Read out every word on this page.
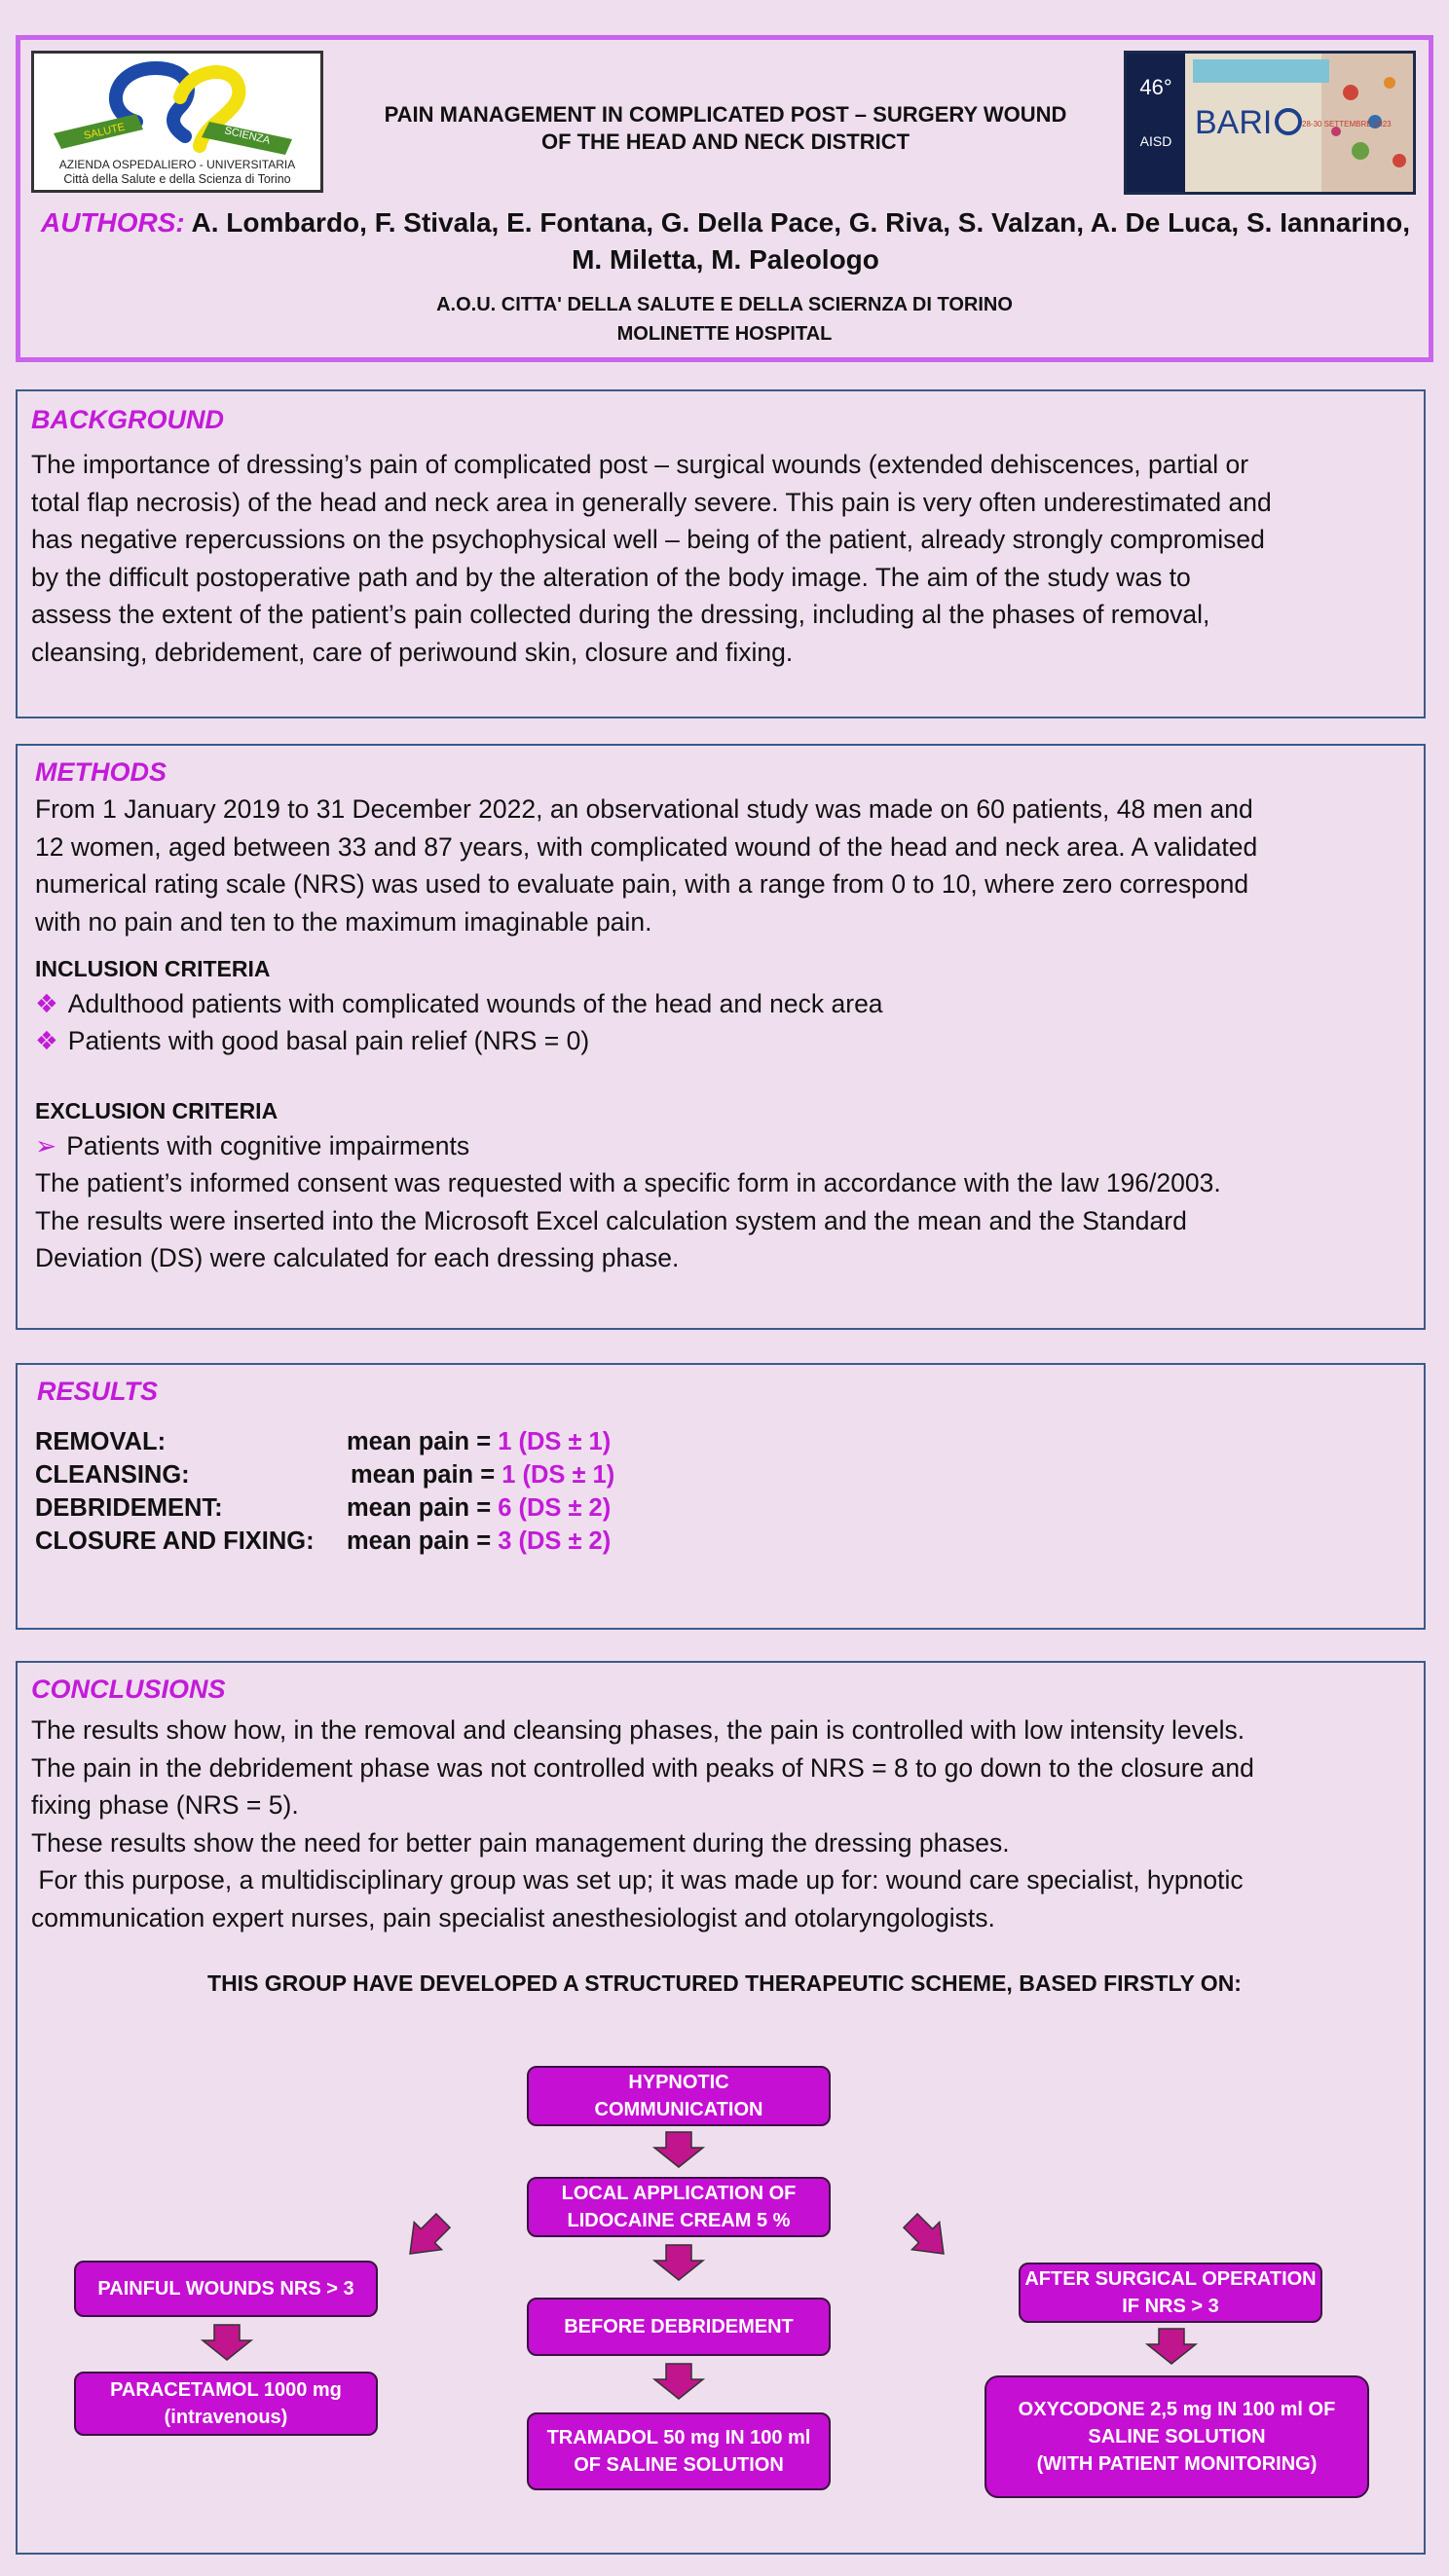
SALUTE	SCIENZA
AZIENDA OSPEDALIERO - UNIVERSITARIA
Città della Salute e della Scienza di Torino
46°
AISD BARI	28-30 SETTEMBRE 2023
PAIN MANAGEMENT IN COMPLICATED POST – SURGERY WOUND
OF THE HEAD AND NECK DISTRICT
AUTHORS: A. Lombardo, F. Stivala, E. Fontana, G. Della Pace, G. Riva, S. Valzan, A. De Luca, S. Iannarino,
M. Miletta, M. Paleologo
A.O.U. CITTA' DELLA SALUTE E DELLA SCIERNZA DI TORINO
MOLINETTE HOSPITAL
BACKGROUND
The importance of dressing’s pain of complicated post – surgical wounds (extended dehiscences, partial or
total flap necrosis) of the head and neck area in generally severe. This pain is very often underestimated and
has negative repercussions on the psychophysical well – being of the patient, already strongly compromised
by the difficult postoperative path and by the alteration of the body image. The aim of the study was to
assess the extent of the patient’s pain collected during the dressing, including al the phases of removal,
cleansing, debridement, care of periwound skin, closure and fixing.
METHODS
From 1 January 2019 to 31 December 2022, an observational study was made on 60 patients, 48 men and
12 women, aged between 33 and 87 years, with complicated wound of the head and neck area. A validated
numerical rating scale (NRS) was used to evaluate pain, with a range from 0 to 10, where zero correspond
with no pain and ten to the maximum imaginable pain.
INCLUSION CRITERIA
❖ Adulthood patients with complicated wounds of the head and neck area
❖ Patients with good basal pain relief (NRS = 0)
EXCLUSION CRITERIA
➢ Patients with cognitive impairments
The patient’s informed consent was requested with a specific form in accordance with the law 196/2003.
The results were inserted into the Microsoft Excel calculation system and the mean and the Standard
Deviation (DS) were calculated for each dressing phase.
RESULTS
REMOVAL:	mean pain = 1 (DS ± 1)
CLEANSING:	mean pain = 1 (DS ± 1)
DEBRIDEMENT:	mean pain = 6 (DS ± 2)
CLOSURE AND FIXING: mean pain = 3 (DS ± 2)
CONCLUSIONS
The results show how, in the removal and cleansing phases, the pain is controlled with low intensity levels.
The pain in the debridement phase was not controlled with peaks of NRS = 8 to go down to the closure and
fixing phase (NRS = 5).
These results show the need for better pain management during the dressing phases.
For this purpose, a multidisciplinary group was set up; it was made up for: wound care specialist, hypnotic
communication expert nurses, pain specialist anesthesiologist and otolaryngologists.
THIS GROUP HAVE DEVELOPED A STRUCTURED THERAPEUTIC SCHEME, BASED FIRSTLY ON:
HYPNOTIC
COMMUNICATION
LOCAL APPLICATION OF
LIDOCAINE CREAM 5 %
BEFORE DEBRIDEMENT
TRAMADOL 50 mg IN 100 ml
OF SALINE SOLUTION
PAINFUL WOUNDS NRS > 3
PARACETAMOL 1000 mg
(intravenous)
AFTER SURGICAL OPERATION
IF NRS > 3
OXYCODONE 2,5 mg IN 100 ml OF
SALINE SOLUTION
(WITH PATIENT MONITORING)
